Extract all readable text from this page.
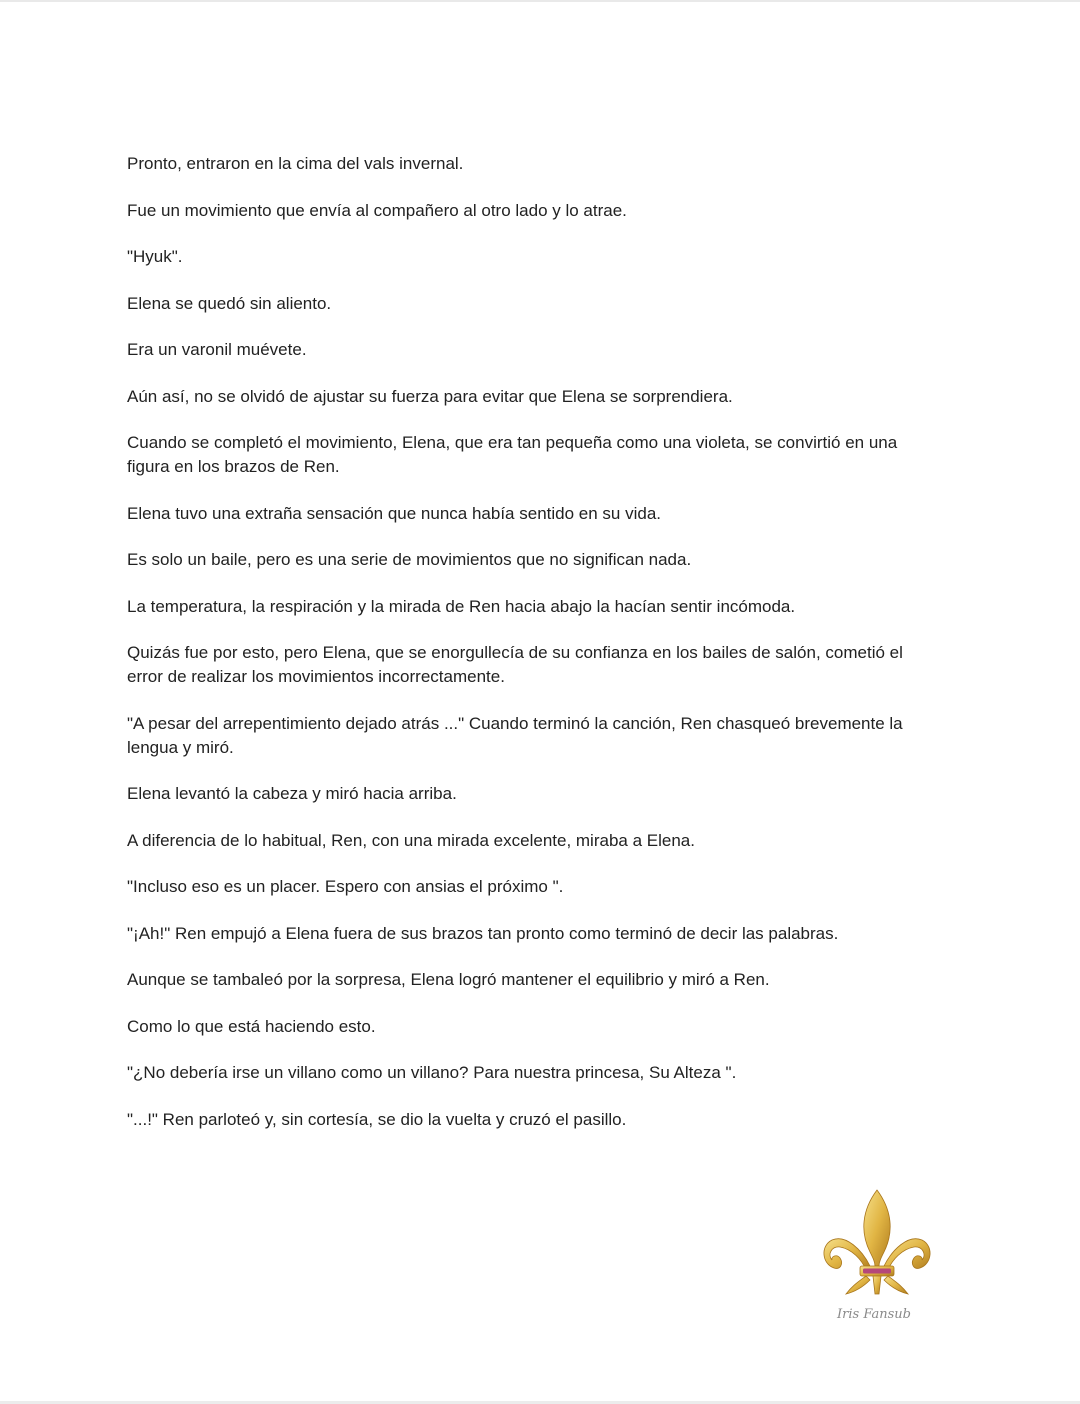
Pronto, entraron en la cima del vals invernal.

Fue un movimiento que envía al compañero al otro lado y lo atrae.

"Hyuk".

Elena se quedó sin aliento.

Era un varonil muévete.

Aún así, no se olvidó de ajustar su fuerza para evitar que Elena se sorprendiera.

Cuando se completó el movimiento, Elena, que era tan pequeña como una violeta, se convirtió en una figura en los brazos de Ren.

Elena tuvo una extraña sensación que nunca había sentido en su vida.

Es solo un baile, pero es una serie de movimientos que no significan nada.

La temperatura, la respiración y la mirada de Ren hacia abajo la hacían sentir incómoda.

Quizás fue por esto, pero Elena, que se enorgullecía de su confianza en los bailes de salón, cometió el error de realizar los movimientos incorrectamente.

"A pesar del arrepentimiento dejado atrás ..." Cuando terminó la canción, Ren chasqueó brevemente la lengua y miró.

Elena levantó la cabeza y miró hacia arriba.

A diferencia de lo habitual, Ren, con una mirada excelente, miraba a Elena.

"Incluso eso es un placer. Espero con ansias el próximo ".

"¡Ah!" Ren empujó a Elena fuera de sus brazos tan pronto como terminó de decir las palabras.

Aunque se tambaleó por la sorpresa, Elena logró mantener el equilibrio y miró a Ren.

Como lo que está haciendo esto.

"¿No debería irse un villano como un villano? Para nuestra princesa, Su Alteza ".

"...!" Ren parloteó y, sin cortesía, se dio la vuelta y cruzó el pasillo.

Iris Fansub
